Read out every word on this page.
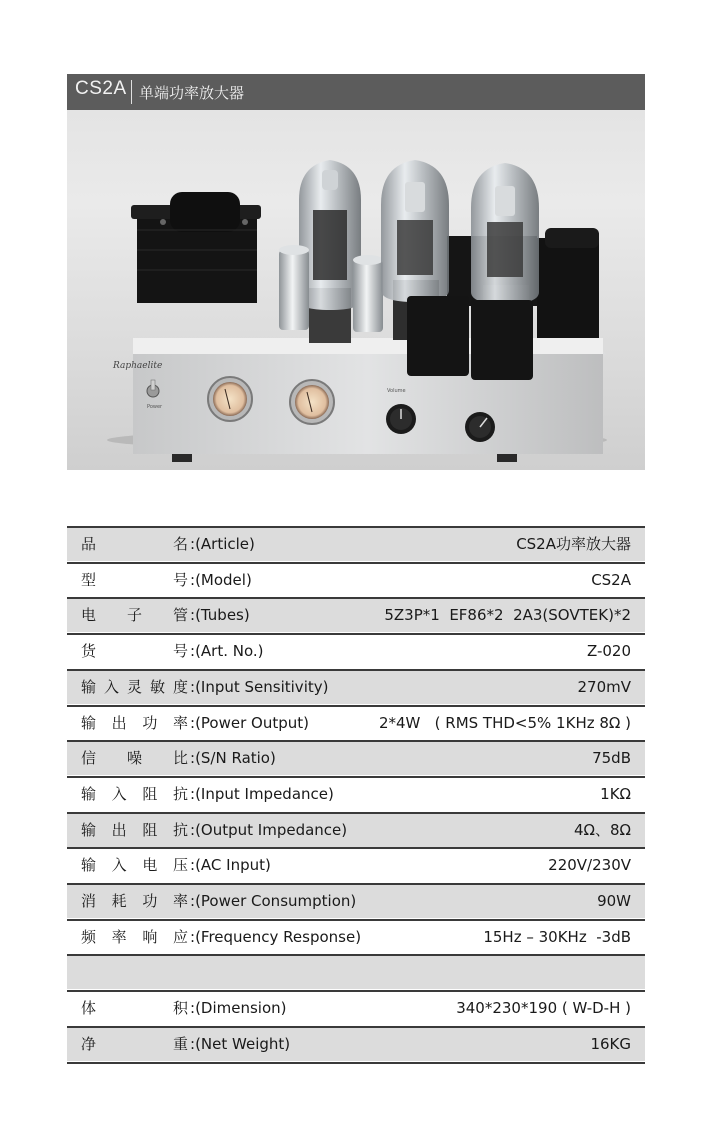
CS2A 单端功率放大器
Raphaelite
Power
Volume
品	名 :(Article)	CS2A功率放大器
型	号 :(Model)	CS2A
电 子 管 :(Tubes)	5Z3P*1  EF86*2  2A3(SOVTEK)*2
货	号 :(Art. No.)	Z-020
输 入 灵 敏 度 :(Input Sensitivity)	270mV
输 出 功 率 :(Power Output)	2*4W   ( RMS THD<5% 1KHz 8Ω )
信 噪 比 :(S/N Ratio)	75dB
输 入 阻 抗 :(Input Impedance)	1KΩ
输 出 阻 抗 :(Output Impedance)	4Ω、8Ω
输 入 电 压 :(AC Input)	220V/230V
消 耗 功 率 :(Power Consumption)	90W
频 率 响 应 :(Frequency Response)	15Hz – 30KHz  -3dB
体	积 :(Dimension)	340*230*190 ( W-D-H )
净	重 :(Net Weight)	16KG
